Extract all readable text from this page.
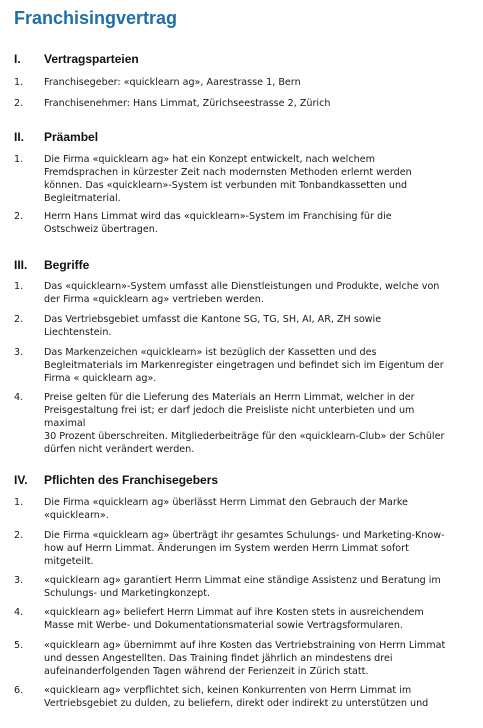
Franchisingvertrag
I. Vertragsparteien
1. Franchisegeber: «quicklearn ag», Aarestrasse 1, Bern
2. Franchisenehmer: Hans Limmat, Zürichseestrasse 2, Zürich
II. Präambel
1. Die Firma «quicklearn ag» hat ein Konzept entwickelt, nach welchem
Fremdsprachen in kürzester Zeit nach modernsten Methoden erlernt werden
können. Das «quicklearn»-System ist verbunden mit Tonbandkassetten und
Begleitmaterial.
2. Herrn Hans Limmat wird das «quicklearn»-System im Franchising für die
Ostschweiz übertragen.
III. Begriffe
1. Das «quicklearn»-System umfasst alle Dienstleistungen und Produkte, welche von
der Firma «quicklearn ag» vertrieben werden.
2. Das Vertriebsgebiet umfasst die Kantone SG, TG, SH, AI, AR, ZH sowie
Liechtenstein.
3. Das Markenzeichen «quicklearn» ist bezüglich der Kassetten und des
Begleitmaterials im Markenregister eingetragen und befindet sich im Eigentum der
Firma « quicklearn ag».
4. Preise gelten für die Lieferung des Materials an Herrn Limmat, welcher in der
Preisgestaltung frei ist; er darf jedoch die Preisliste nicht unterbieten und um
maximal
30 Prozent überschreiten. Mitgliederbeiträge für den «quicklearn-Club» der Schüler
dürfen nicht verändert werden.
IV. Pflichten des Franchisegebers
1. Die Firma «quicklearn ag» überlässt Herrn Limmat den Gebrauch der Marke
«quicklearn».
2. Die Firma «quicklearn ag» überträgt ihr gesamtes Schulungs- und Marketing-Know-
how auf Herrn Limmat. Änderungen im System werden Herrn Limmat sofort
mitgeteilt.
3. «quicklearn ag» garantiert Herrn Limmat eine ständige Assistenz und Beratung im
Schulungs- und Marketingkonzept.
4. «quicklearn ag» beliefert Herrn Limmat auf ihre Kosten stets in ausreichendem
Masse mit Werbe- und Dokumentationsmaterial sowie Vertragsformularen.
5. «quicklearn ag» übernimmt auf ihre Kosten das Vertriebstraining von Herrn Limmat
und dessen Angestellten. Das Training findet jährlich an mindestens drei
aufeinanderfolgenden Tagen während der Ferienzeit in Zürich statt.
6. «quicklearn ag» verpflichtet sich, keinen Konkurrenten von Herrn Limmat im
Vertriebsgebiet zu dulden, zu beliefern, direkt oder indirekt zu unterstützen und
